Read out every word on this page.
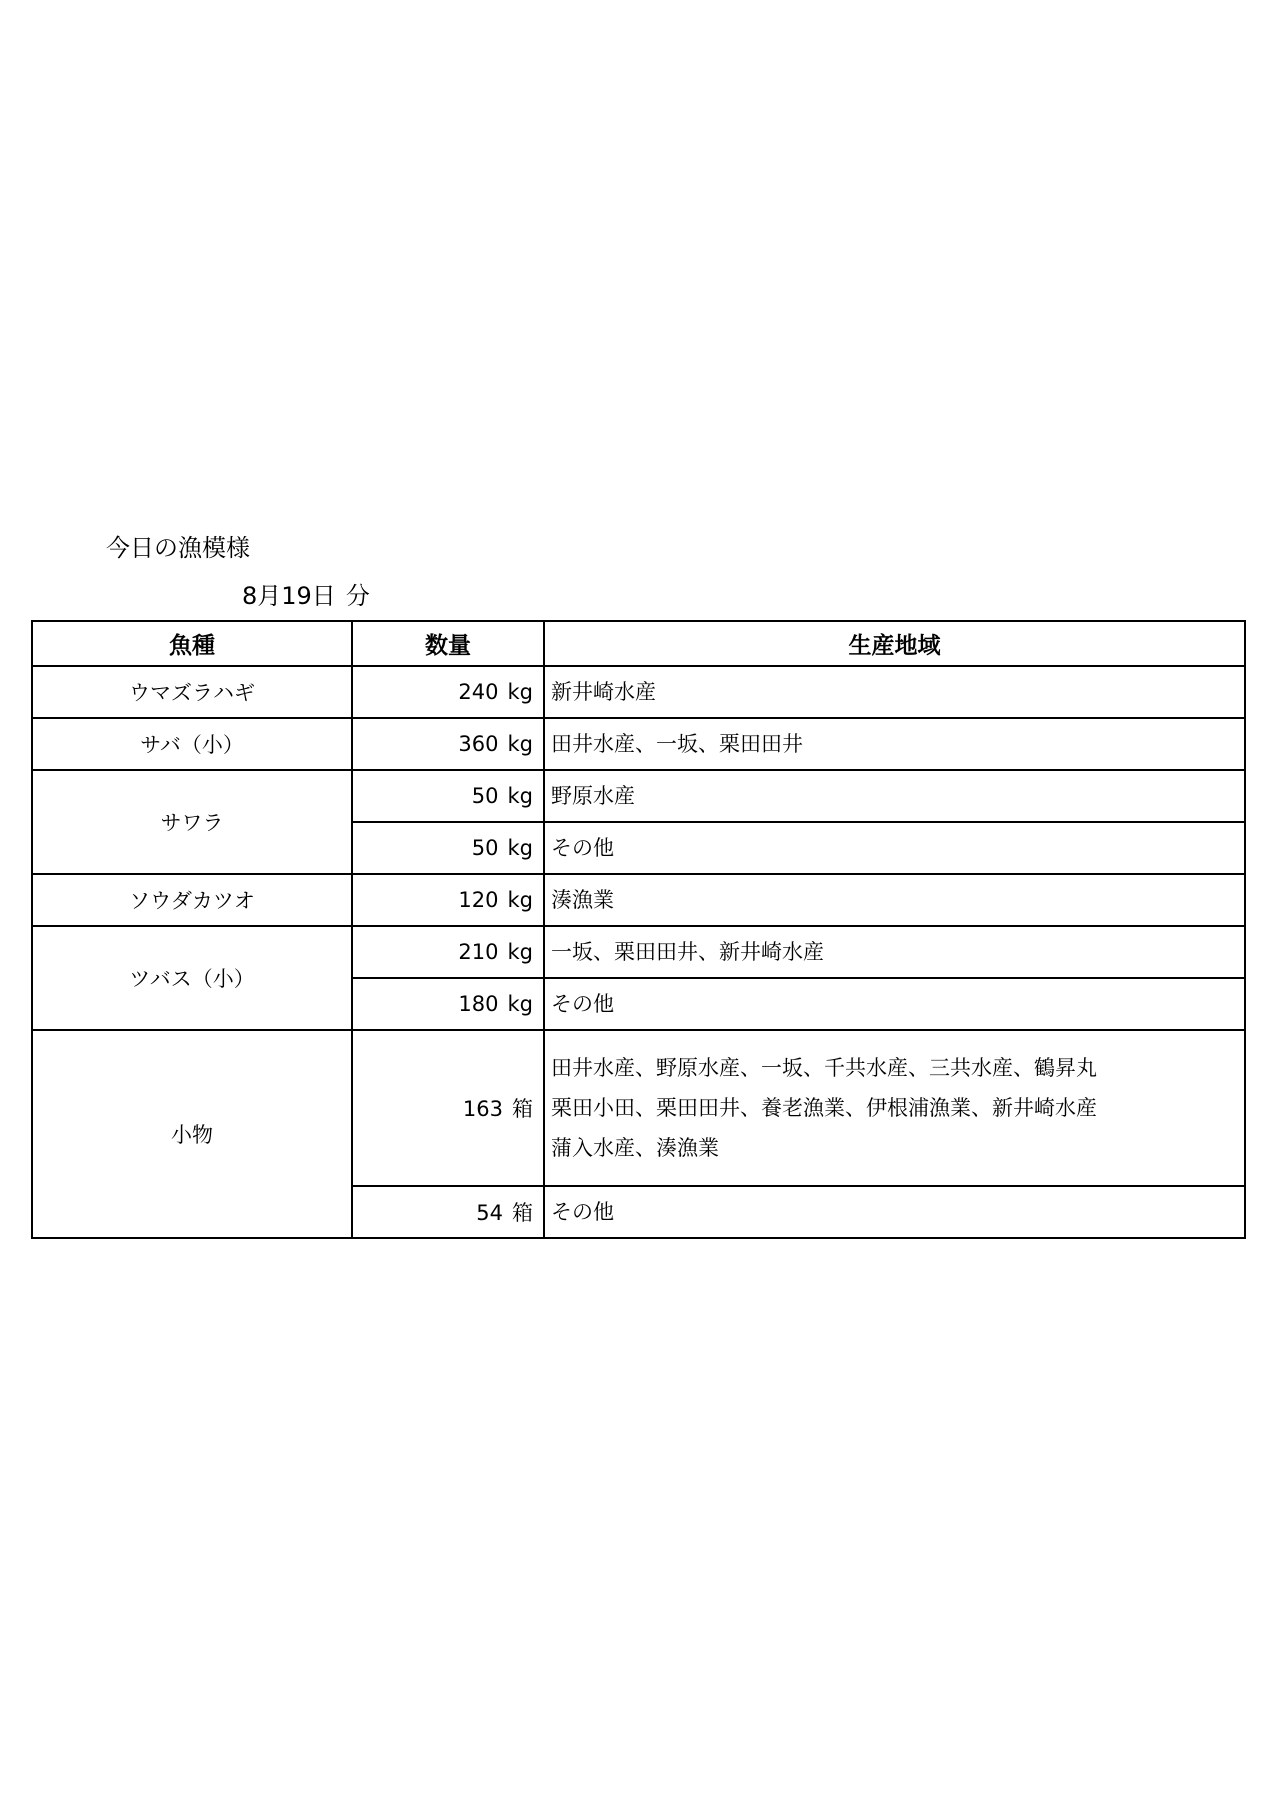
今日の漁模様
8月19日 分
魚種	数量	生産地域
ウマズラハギ	240 kg	新井崎水産

サバ（小）	360 kg	田井水産、一坂、栗田田井

サワラ	50 kg	野原水産

	50 kg	その他

ソウダカツオ	120 kg	湊漁業

ツバス（小）	210 kg	一坂、栗田田井、新井崎水産

	180 kg	その他

小物	163 箱	田井水産、野原水産、一坂、千共水産、三共水産、鶴昇丸
栗田小田、栗田田井、養老漁業、伊根浦漁業、新井崎水産
蒲入水産、湊漁業

	54 箱	その他
